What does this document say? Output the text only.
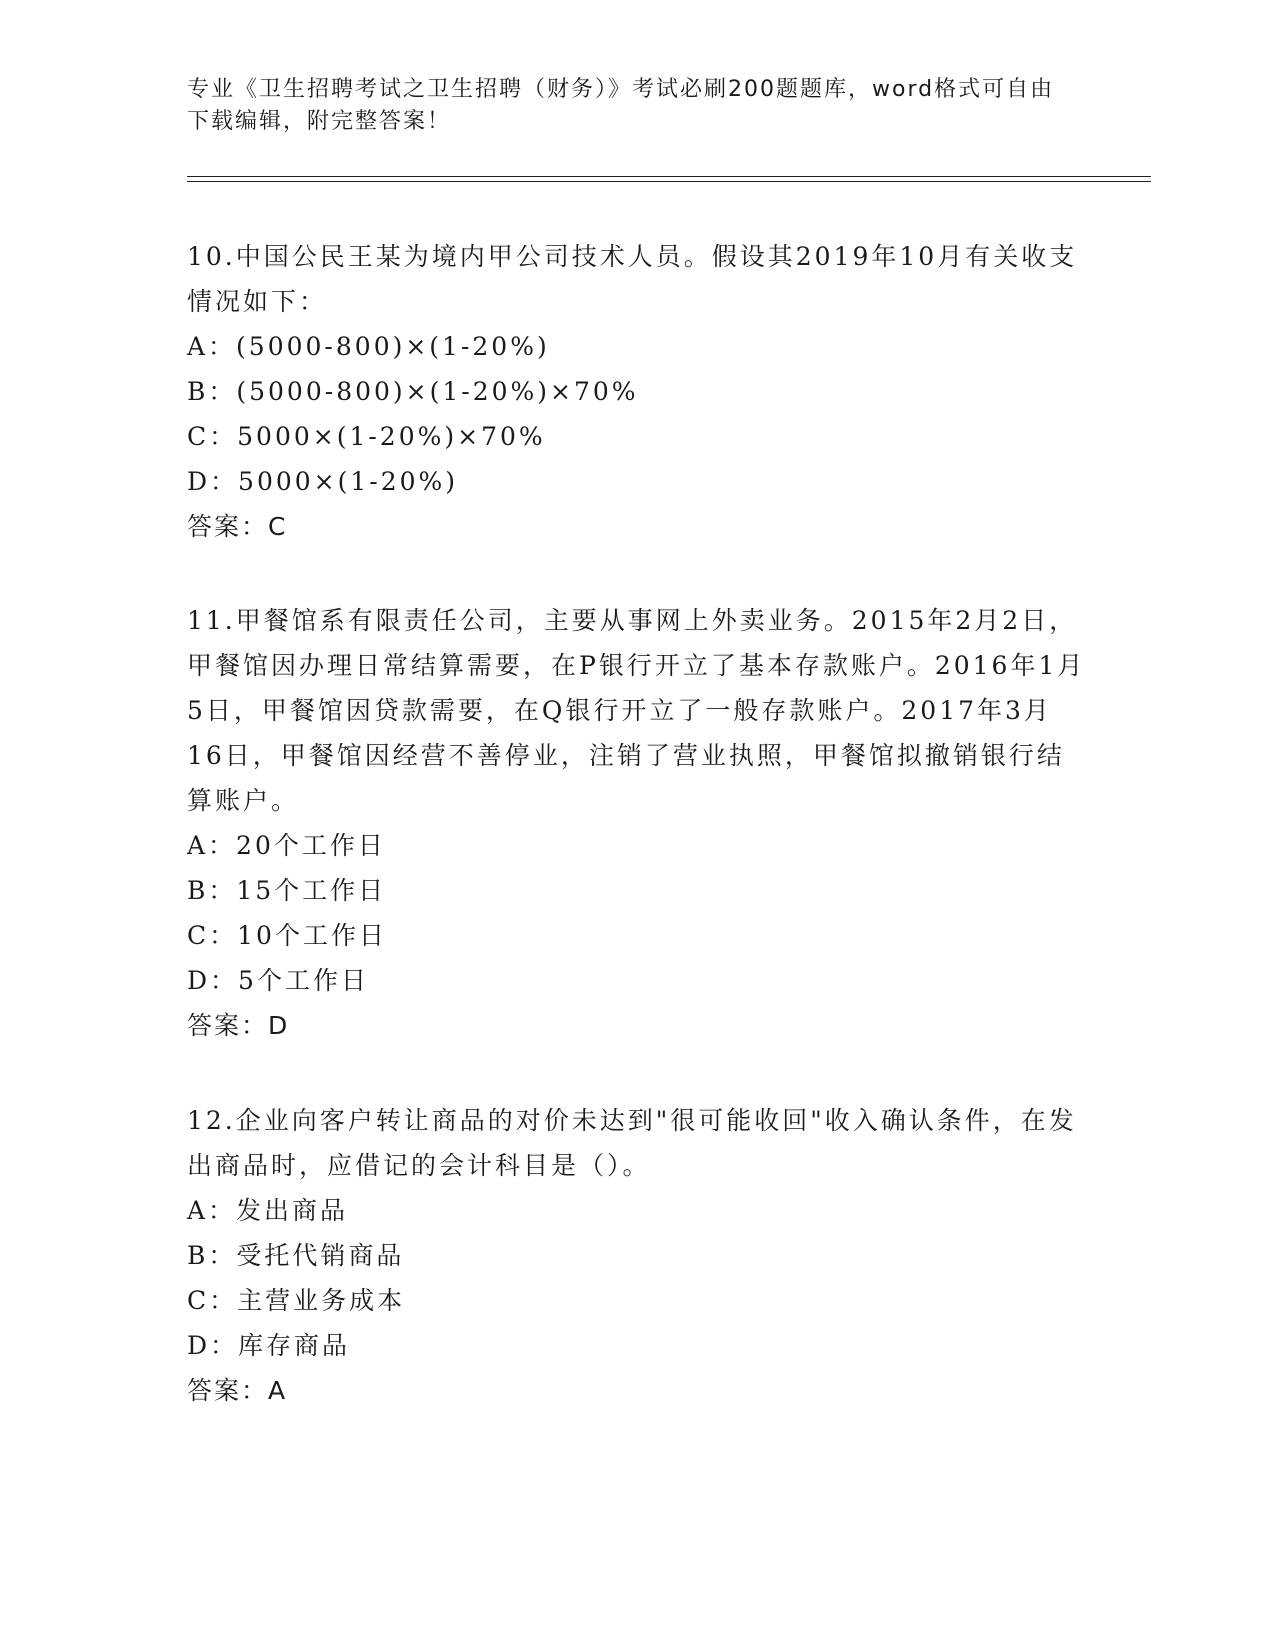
专业《卫生招聘考试之卫生招聘（财务）》考试必刷200题题库，word格式可自由下载编辑，附完整答案！
10.中国公民王某为境内甲公司技术人员。假设其2019年10月有关收支情况如下：
A：(5000-800)×(1-20%)
B：(5000-800)×(1-20%)×70%
C：5000×(1-20%)×70%
D：5000×(1-20%)
答案：C
11.甲餐馆系有限责任公司，主要从事网上外卖业务。2015年2月2日，甲餐馆因办理日常结算需要，在P银行开立了基本存款账户。2016年1月5日，甲餐馆因贷款需要，在Q银行开立了一般存款账户。2017年3月16日，甲餐馆因经营不善停业，注销了营业执照，甲餐馆拟撤销银行结算账户。
A：20个工作日
B：15个工作日
C：10个工作日
D：5个工作日
答案：D
12.企业向客户转让商品的对价未达到"很可能收回"收入确认条件，在发出商品时，应借记的会计科目是（）。
A：发出商品
B：受托代销商品
C：主营业务成本
D：库存商品
答案：A
